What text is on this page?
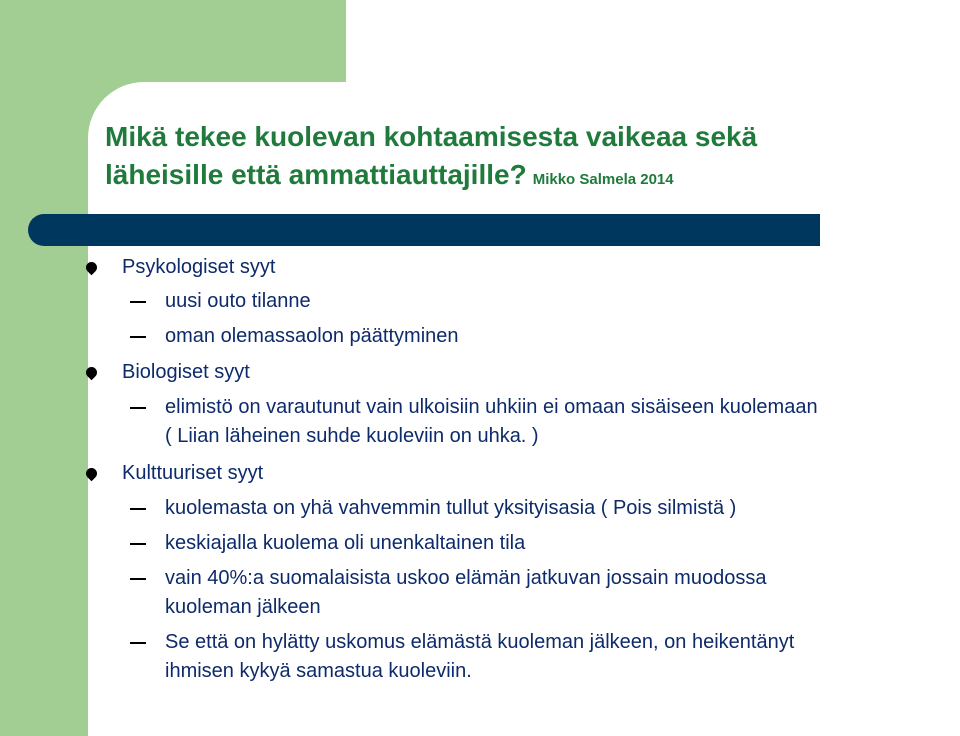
Mikä tekee kuolevan kohtaamisesta vaikeaa sekä
läheisille että ammattiauttajille? Mikko Salmela 2014
Psykologiset syyt
uusi outo tilanne
oman olemassaolon päättyminen
Biologiset syyt
elimistö on varautunut vain ulkoisiin uhkiin ei omaan sisäiseen kuolemaan
( Liian läheinen suhde kuoleviin on uhka. )
Kulttuuriset syyt
kuolemasta on yhä vahvemmin tullut yksityisasia ( Pois silmistä )
keskiajalla kuolema oli unenkaltainen tila
vain 40%:a suomalaisista uskoo elämän jatkuvan jossain muodossa
kuoleman jälkeen
Se että on hylätty uskomus elämästä kuoleman jälkeen, on heikentänyt
ihmisen kykyä samastua kuoleviin.
